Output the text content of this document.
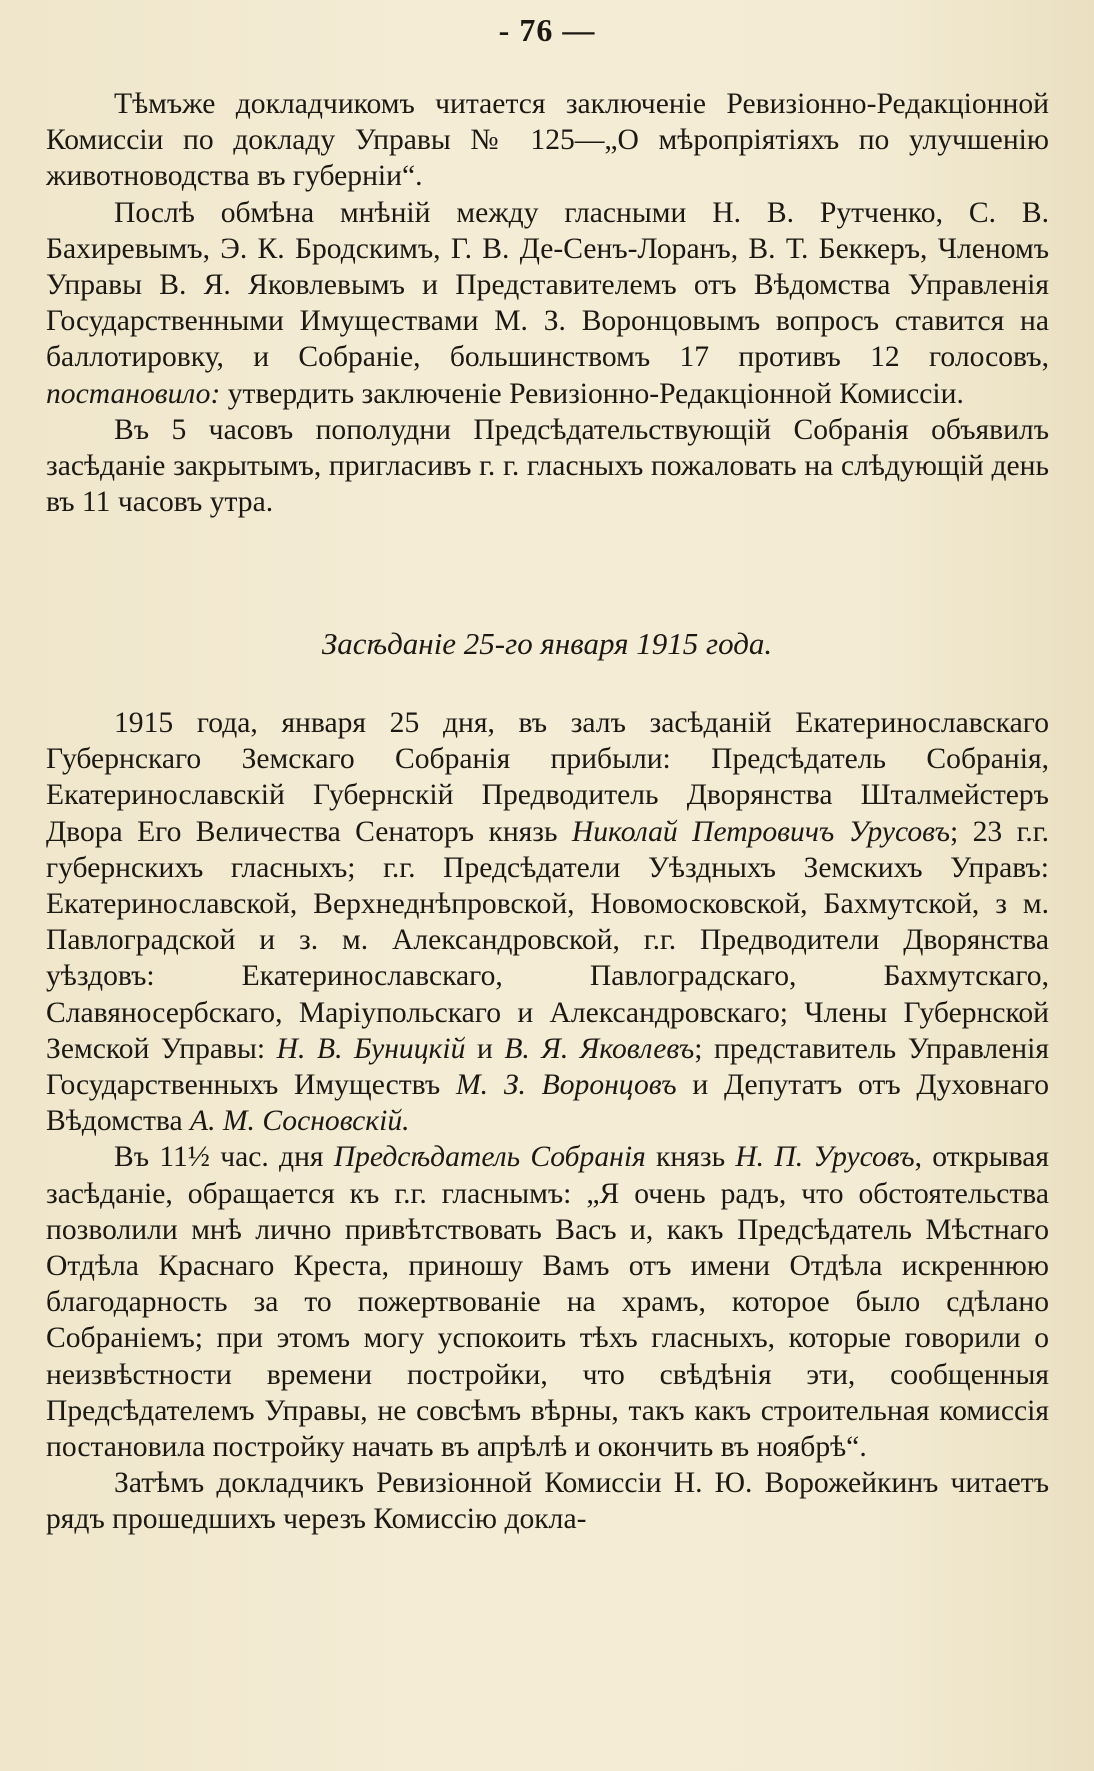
- 76 —

Тѣмъже докладчикомъ читается заключеніе Ревизіонно-Редакціонной Комиссіи по докладу Управы № 125—„О мѣропріятіяхъ по улучшенію животноводства въ губерніи“.

Послѣ обмѣна мнѣній между гласными Н. В. Рутченко, С. В. Бахиревымъ, Э. К. Бродскимъ, Г. В. Де-Сенъ-Лоранъ, В. Т. Беккеръ, Членомъ Управы В. Я. Яковлевымъ и Представителемъ отъ Вѣдомства Управленія Государственными Имуществами М. З. Воронцовымъ вопросъ ставится на баллотировку, и Собраніе, большинствомъ 17 противъ 12 голосовъ, постановило: утвердить заключеніе Ревизіонно-Редакціонной Комиссіи.

Въ 5 часовъ пополудни Предсѣдательствующій Собранія объявилъ засѣданіе закрытымъ, пригласивъ г. г. гласныхъ пожаловать на слѣдующій день въ 11 часовъ утра.

Засѣданіе 25-го января 1915 года.

1915 года, января 25 дня, въ залъ засѣданій Екатеринославскаго Губернскаго Земскаго Собранія прибыли: Предсѣдатель Собранія, Екатеринославскій Губернскій Предводитель Дворянства Шталмейстеръ Двора Его Величества Сенаторъ князь Николай Петровичъ Урусовъ; 23 г.г. губернскихъ гласныхъ; г.г. Предсѣдатели Уѣздныхъ Земскихъ Управъ: Екатеринославской, Верхнеднѣпровской, Новомосковской, Бахмутской, з м. Павлоградской и з. м. Александровской, г.г. Предводители Дворянства уѣздовъ: Екатеринославскаго, Павлоградскаго, Бахмутскаго, Славяносербскаго, Маріупольскаго и Александровскаго; Члены Губернской Земской Управы: Н. В. Буницкій и В. Я. Яковлевъ; представитель Управленія Государственныхъ Имуществъ М. З. Воронцовъ и Депутатъ отъ Духовнаго Вѣдомства А. М. Сосновскій.

Въ 11½ час. дня Предсѣдатель Собранія князь Н. П. Урусовъ, открывая засѣданіе, обращается къ г.г. гласнымъ: „Я очень радъ, что обстоятельства позволили мнѣ лично привѣтствовать Васъ и, какъ Предсѣдатель Мѣстнаго Отдѣла Краснаго Креста, приношу Вамъ отъ имени Отдѣла искреннюю благодарность за то пожертвованіе на храмъ, которое было сдѣлано Собраніемъ; при этомъ могу успокоить тѣхъ гласныхъ, которые говорили о неизвѣстности времени постройки, что свѣдѣнія эти, сообщенныя Предсѣдателемъ Управы, не совсѣмъ вѣрны, такъ какъ строительная комиссія постановила постройку начать въ апрѣлѣ и окончить въ ноябрѣ“.

Затѣмъ докладчикъ Ревизіонной Комиссіи Н. Ю. Ворожейкинъ читаетъ рядъ прошедшихъ черезъ Комиссію докла-
